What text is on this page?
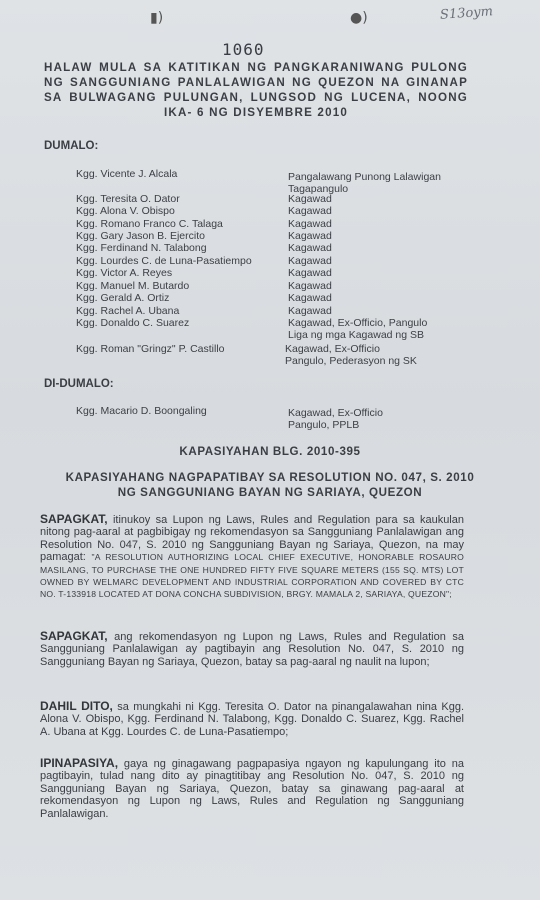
▮)	●)	S13oym
1060
HALAW MULA SA KATITIKAN NG PANGKARANIWANG PULONG NG SANGGUNIANG PANLALAWIGAN NG QUEZON NA GINANAP SA BULWAGANG PULUNGAN, LUNGSOD NG LUCENA, NOONG IKA- 6 NG DISYEMBRE 2010
DUMALO:
Kgg. Vicente J. Alcala	Pangalawang Punong Lalawigan
Tagapangulo
Kgg. Teresita O. Dator	Kagawad
Kgg. Alona V. Obispo	Kagawad
Kgg. Romano Franco C. Talaga	Kagawad
Kgg. Gary Jason B. Ejercito	Kagawad
Kgg. Ferdinand N. Talabong	Kagawad
Kgg. Lourdes C. de Luna-Pasatiempo	Kagawad
Kgg. Victor A. Reyes	Kagawad
Kgg. Manuel M. Butardo	Kagawad
Kgg. Gerald A. Ortiz	Kagawad
Kgg. Rachel A. Ubana	Kagawad
Kgg. Donaldo C. Suarez	Kagawad, Ex-Officio, Pangulo
Liga ng mga Kagawad ng SB
Kgg. Roman "Gringz" P. Castillo	Kagawad, Ex-Officio
Pangulo, Pederasyon ng SK
DI-DUMALO:
Kgg. Macario D. Boongaling	Kagawad, Ex-Officio
Pangulo, PPLB
KAPASIYAHAN BLG. 2010-395
KAPASIYAHANG NAGPAPATIBAY SA RESOLUTION NO. 047, S. 2010 NG SANGGUNIANG BAYAN NG SARIAYA, QUEZON
SAPAGKAT, itinukoy sa Lupon ng Laws, Rules and Regulation para sa kaukulan nitong pag-aaral at pagbibigay ng rekomendasyon sa Sangguniang Panlalawigan ang Resolution No. 047, S. 2010 ng Sangguniang Bayan ng Sariaya, Quezon, na may pamagat: "A RESOLUTION AUTHORIZING LOCAL CHIEF EXECUTIVE, HONORABLE ROSAURO MASILANG, TO PURCHASE THE ONE HUNDRED FIFTY FIVE SQUARE METERS (155 SQ. MTS) LOT OWNED BY WELMARC DEVELOPMENT AND INDUSTRIAL CORPORATION AND COVERED BY CTC NO. T-133918 LOCATED AT DONA CONCHA SUBDIVISION, BRGY. MAMALA 2, SARIAYA, QUEZON";
SAPAGKAT, ang rekomendasyon ng Lupon ng Laws, Rules and Regulation sa Sangguniang Panlalawigan ay pagtibayin ang Resolution No. 047, S. 2010 ng Sangguniang Bayan ng Sariaya, Quezon, batay sa pag-aaral ng naulit na lupon;
DAHIL DITO, sa mungkahi ni Kgg. Teresita O. Dator na pinangalawahan nina Kgg. Alona V. Obispo, Kgg. Ferdinand N. Talabong, Kgg. Donaldo C. Suarez, Kgg. Rachel A. Ubana at Kgg. Lourdes C. de Luna-Pasatiempo;
IPINAPASIYA, gaya ng ginagawang pagpapasiya ngayon ng kapulungang ito na pagtibayin, tulad nang dito ay pinagtitibay ang Resolution No. 047, S. 2010 ng Sangguniang Bayan ng Sariaya, Quezon, batay sa ginawang pag-aaral at rekomendasyon ng Lupon ng Laws, Rules and Regulation ng Sangguniang Panlalawigan.
